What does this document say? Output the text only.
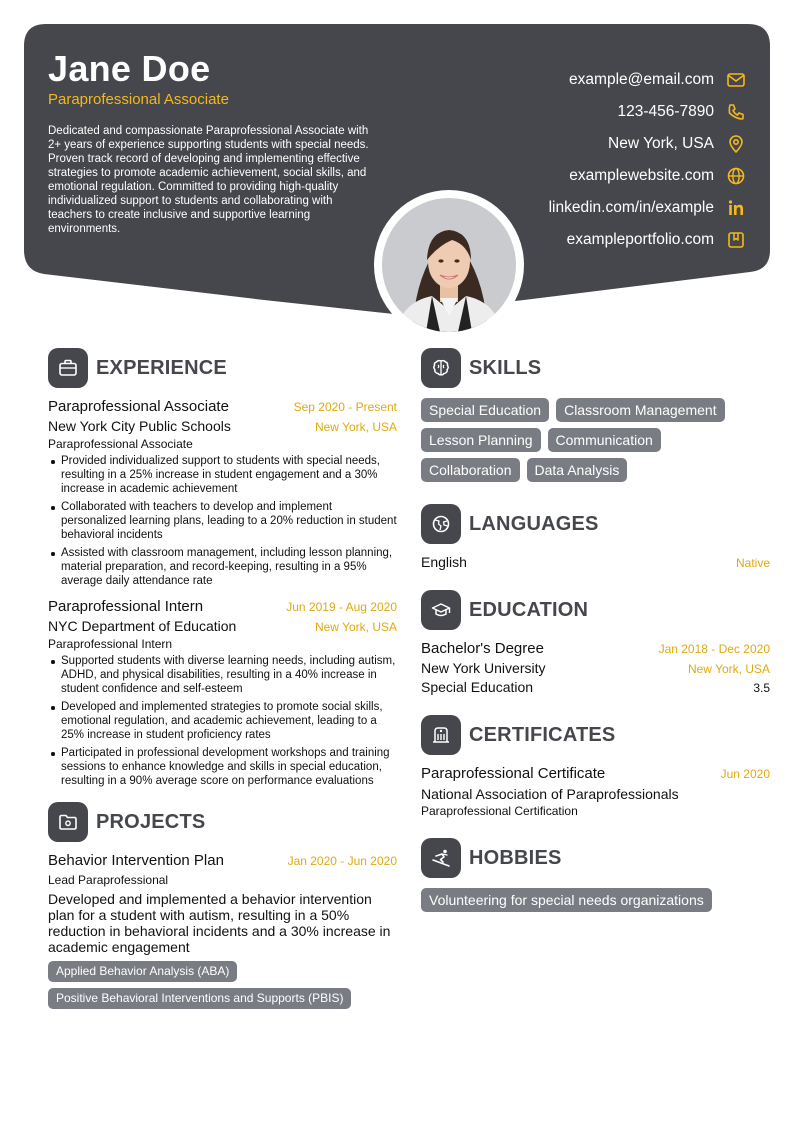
Jane Doe
Paraprofessional Associate
Dedicated and compassionate Paraprofessional Associate with 2+ years of experience supporting students with special needs. Proven track record of developing and implementing effective strategies to promote academic achievement, social skills, and emotional regulation. Committed to providing high-quality individualized support to students and collaborating with teachers to create inclusive and supportive learning environments.
example@email.com
123-456-7890
New York, USA
examplewebsite.com
linkedin.com/in/example
exampleportfolio.com
EXPERIENCE
Paraprofessional Associate	Sep 2020 - Present
New York City Public Schools	New York, USA
Paraprofessional Associate
Provided individualized support to students with special needs, resulting in a 25% increase in student engagement and a 30% increase in academic achievement
Collaborated with teachers to develop and implement personalized learning plans, leading to a 20% reduction in student behavioral incidents
Assisted with classroom management, including lesson planning, material preparation, and record-keeping, resulting in a 95% average daily attendance rate
Paraprofessional Intern	Jun 2019 - Aug 2020
NYC Department of Education	New York, USA
Paraprofessional Intern
Supported students with diverse learning needs, including autism, ADHD, and physical disabilities, resulting in a 40% increase in student confidence and self-esteem
Developed and implemented strategies to promote social skills, emotional regulation, and academic achievement, leading to a 25% increase in student proficiency rates
Participated in professional development workshops and training sessions to enhance knowledge and skills in special education, resulting in a 90% average score on performance evaluations
PROJECTS
Behavior Intervention Plan	Jan 2020 - Jun 2020
Lead Paraprofessional
Developed and implemented a behavior intervention plan for a student with autism, resulting in a 50% reduction in behavioral incidents and a 30% increase in academic engagement
Applied Behavior Analysis (ABA)
Positive Behavioral Interventions and Supports (PBIS)
SKILLS
Special Education	Classroom Management
Lesson Planning	Communication
Collaboration	Data Analysis
LANGUAGES
English	Native
EDUCATION
Bachelor's Degree	Jan 2018 - Dec 2020
New York University	New York, USA
Special Education	3.5
CERTIFICATES
Paraprofessional Certificate	Jun 2020
National Association of Paraprofessionals
Paraprofessional Certification
HOBBIES
Volunteering for special needs organizations
